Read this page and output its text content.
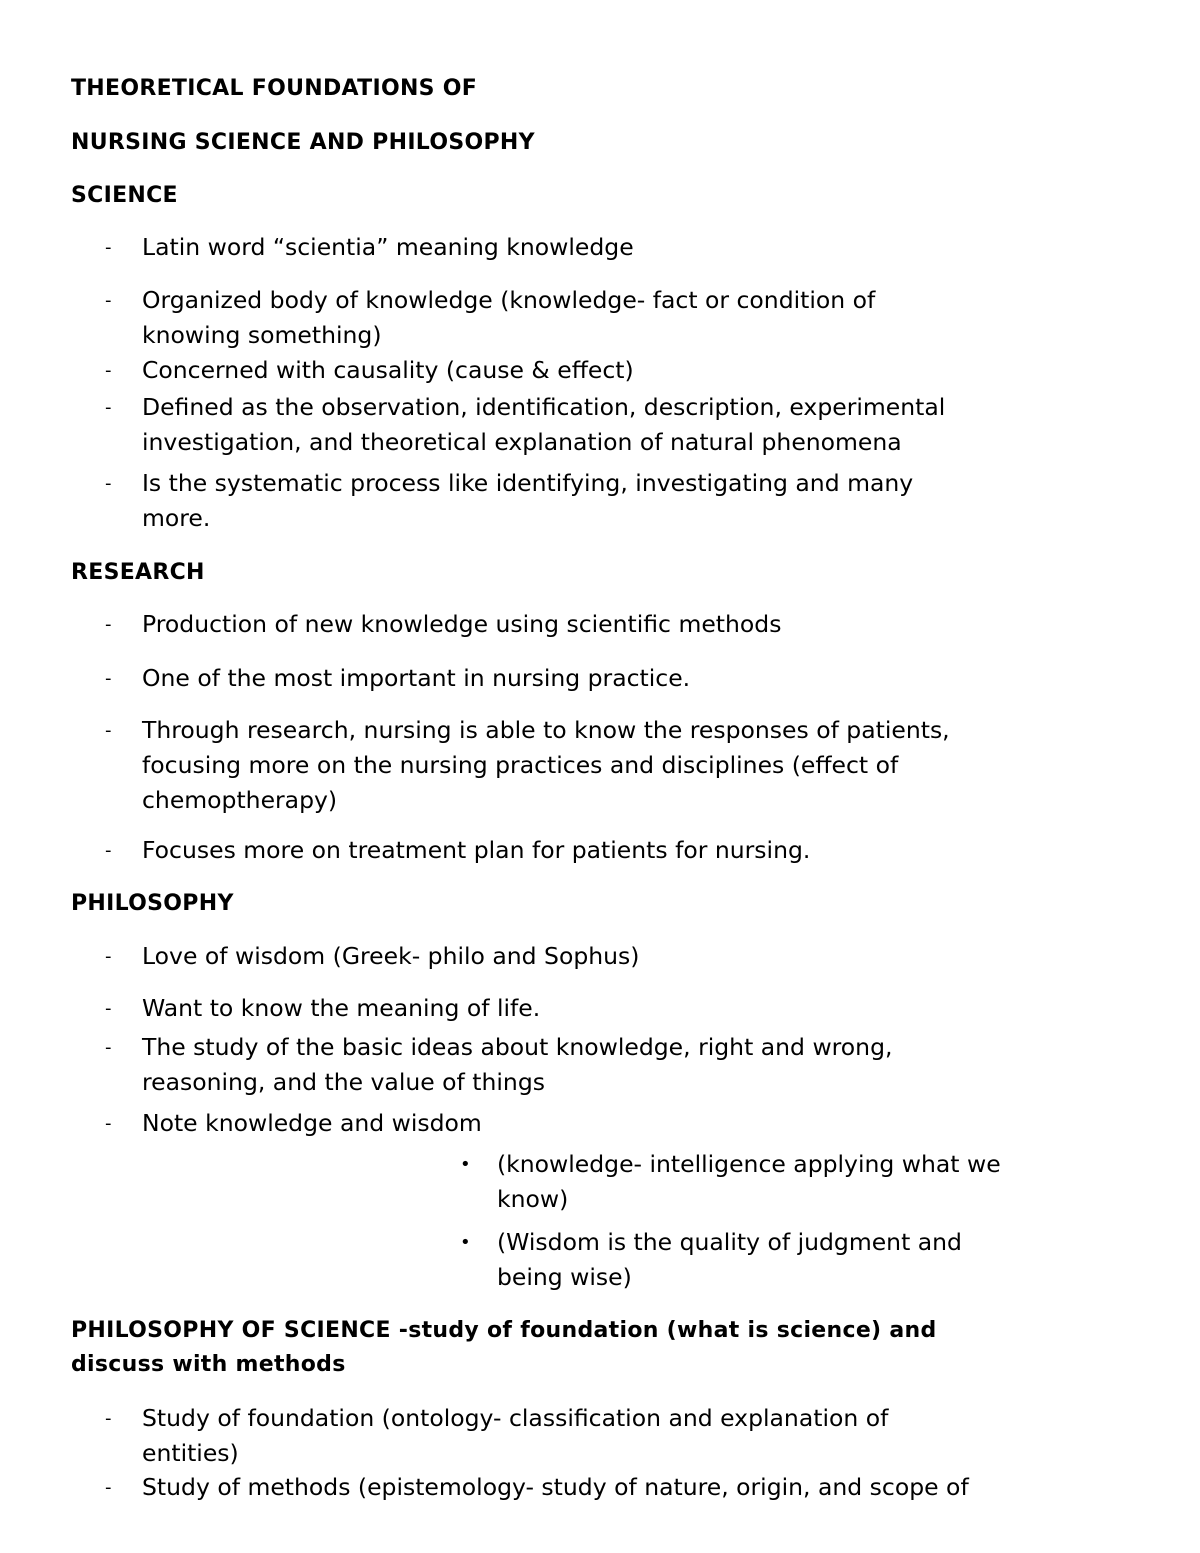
THEORETICAL FOUNDATIONS OF
NURSING SCIENCE AND PHILOSOPHY
SCIENCE
-	Latin word “scientia” meaning knowledge
-	Organized body of knowledge (knowledge- fact or condition of
knowing something)
-	Concerned with causality (cause & effect)
-	Defined as the observation, identification, description, experimental
investigation, and theoretical explanation of natural phenomena
-	Is the systematic process like identifying, investigating and many
more.
RESEARCH
-	Production of new knowledge using scientific methods
-	One of the most important in nursing practice.
-	Through research, nursing is able to know the responses of patients,
focusing more on the nursing practices and disciplines (effect of
chemoptherapy)
-	Focuses more on treatment plan for patients for nursing.
PHILOSOPHY
-	Love of wisdom (Greek- philo and Sophus)
-	Want to know the meaning of life.
-	The study of the basic ideas about knowledge, right and wrong,
reasoning, and the value of things
-	Note knowledge and wisdom
•	(knowledge- intelligence applying what we
know)
•	(Wisdom is the quality of judgment and
being wise)
PHILOSOPHY OF SCIENCE -study of foundation (what is science) and
discuss with methods
-	Study of foundation (ontology- classification and explanation of
entities)
-	Study of methods (epistemology- study of nature, origin, and scope of
